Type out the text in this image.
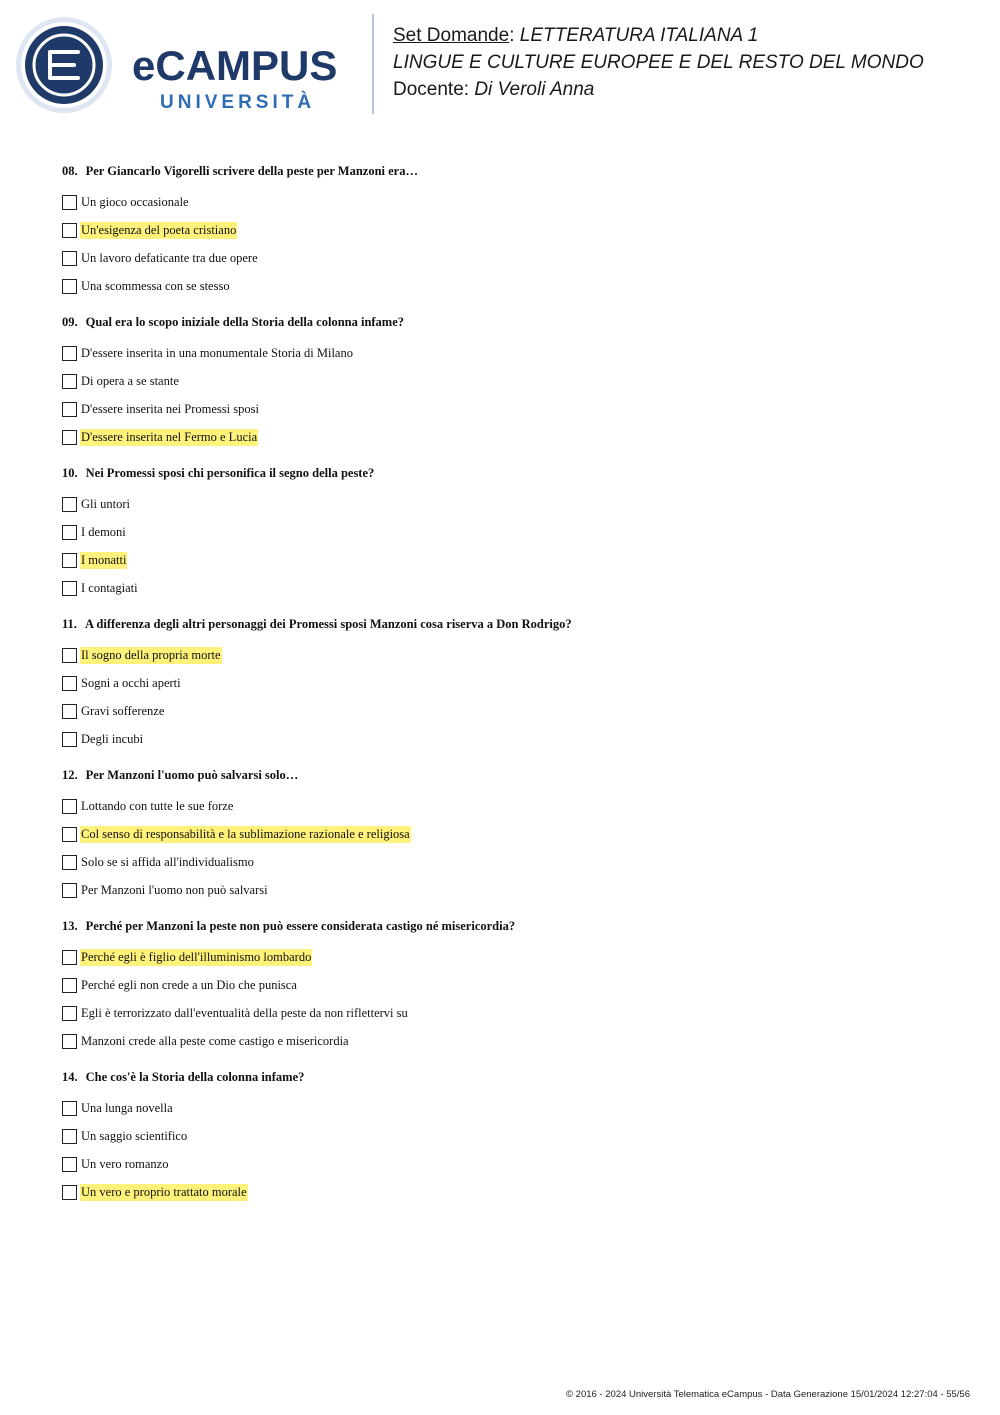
eCAMPUS
UNIVERSITÀ
Set Domande: LETTERATURA ITALIANA 1
LINGUE E CULTURE EUROPEE E DEL RESTO DEL MONDO
Docente: Di Veroli Anna
08. Per Giancarlo Vigorelli scrivere della peste per Manzoni era…
Un gioco occasionale
Un'esigenza del poeta cristiano
Un lavoro defaticante tra due opere
Una scommessa con se stesso
09. Qual era lo scopo iniziale della Storia della colonna infame?
D'essere inserita in una monumentale Storia di Milano
Di opera a se stante
D'essere inserita nei Promessi sposi
D'essere inserita nel Fermo e Lucia
10. Nei Promessi sposi chi personifica il segno della peste?
Gli untori
I demoni
I monatti
I contagiati
11. A differenza degli altri personaggi dei Promessi sposi Manzoni cosa riserva a Don Rodrigo?
Il sogno della propria morte
Sogni a occhi aperti
Gravi sofferenze
Degli incubi
12. Per Manzoni l'uomo può salvarsi solo…
Lottando con tutte le sue forze
Col senso di responsabilità e la sublimazione razionale e religiosa
Solo se si affida all'individualismo
Per Manzoni l'uomo non può salvarsi
13. Perché per Manzoni la peste non può essere considerata castigo né misericordia?
Perché egli è figlio dell'illuminismo lombardo
Perché egli non crede a un Dio che punisca
Egli è terrorizzato dall'eventualità della peste da non riflettervi su
Manzoni crede alla peste come castigo e misericordia
14. Che cos'è la Storia della colonna infame?
Una lunga novella
Un saggio scientifico
Un vero romanzo
Un vero e proprio trattato morale
© 2016 - 2024 Università Telematica eCampus - Data Generazione 15/01/2024 12:27:04 - 55/56
